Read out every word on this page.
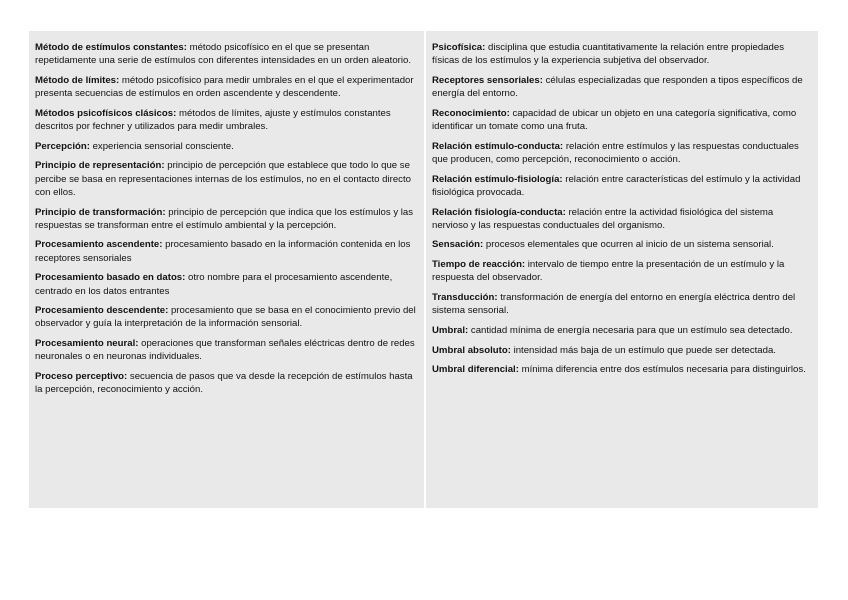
Método de estímulos constantes: método psicofísico en el que se presentan repetidamente una serie de estímulos con diferentes intensidades en un orden aleatorio.

Método de límites: método psicofísico para medir umbrales en el que el experimentador presenta secuencias de estímulos en orden ascendente y descendente.

Métodos psicofísicos clásicos: métodos de límites, ajuste y estímulos constantes descritos por fechner y utilizados para medir umbrales.

Percepción: experiencia sensorial consciente.

Principio de representación: principio de percepción que establece que todo lo que se percibe se basa en representaciones internas de los estímulos, no en el contacto directo con ellos.

Principio de transformación: principio de percepción que indica que los estímulos y las respuestas se transforman entre el estímulo ambiental y la percepción.

Procesamiento ascendente: procesamiento basado en la información contenida en los receptores sensoriales

Procesamiento basado en datos: otro nombre para el procesamiento ascendente, centrado en los datos entrantes

Procesamiento descendente: procesamiento que se basa en el conocimiento previo del observador y guía la interpretación de la información sensorial.

Procesamiento neural: operaciones que transforman señales eléctricas dentro de redes neuronales o en neuronas individuales.

Proceso perceptivo: secuencia de pasos que va desde la recepción de estímulos hasta la percepción, reconocimiento y acción.

Psicofísica: disciplina que estudia cuantitativamente la relación entre propiedades físicas de los estímulos y la experiencia subjetiva del observador.

Receptores sensoriales: células especializadas que responden a tipos específicos de energía del entorno.

Reconocimiento: capacidad de ubicar un objeto en una categoría significativa, como identificar un tomate como una fruta.

Relación estímulo-conducta: relación entre estímulos y las respuestas conductuales que producen, como percepción, reconocimiento o acción.

Relación estímulo-fisiología: relación entre características del estímulo y la actividad fisiológica provocada.

Relación fisiología-conducta: relación entre la actividad fisiológica del sistema nervioso y las respuestas conductuales del organismo.

Sensación: procesos elementales que ocurren al inicio de un sistema sensorial.

Tiempo de reacción: intervalo de tiempo entre la presentación de un estímulo y la respuesta del observador.

Transducción: transformación de energía del entorno en energía eléctrica dentro del sistema sensorial.

Umbral: cantidad mínima de energía necesaria para que un estímulo sea detectado.

Umbral absoluto: intensidad más baja de un estímulo que puede ser detectada.

Umbral diferencial: mínima diferencia entre dos estímulos necesaria para distinguirlos.
